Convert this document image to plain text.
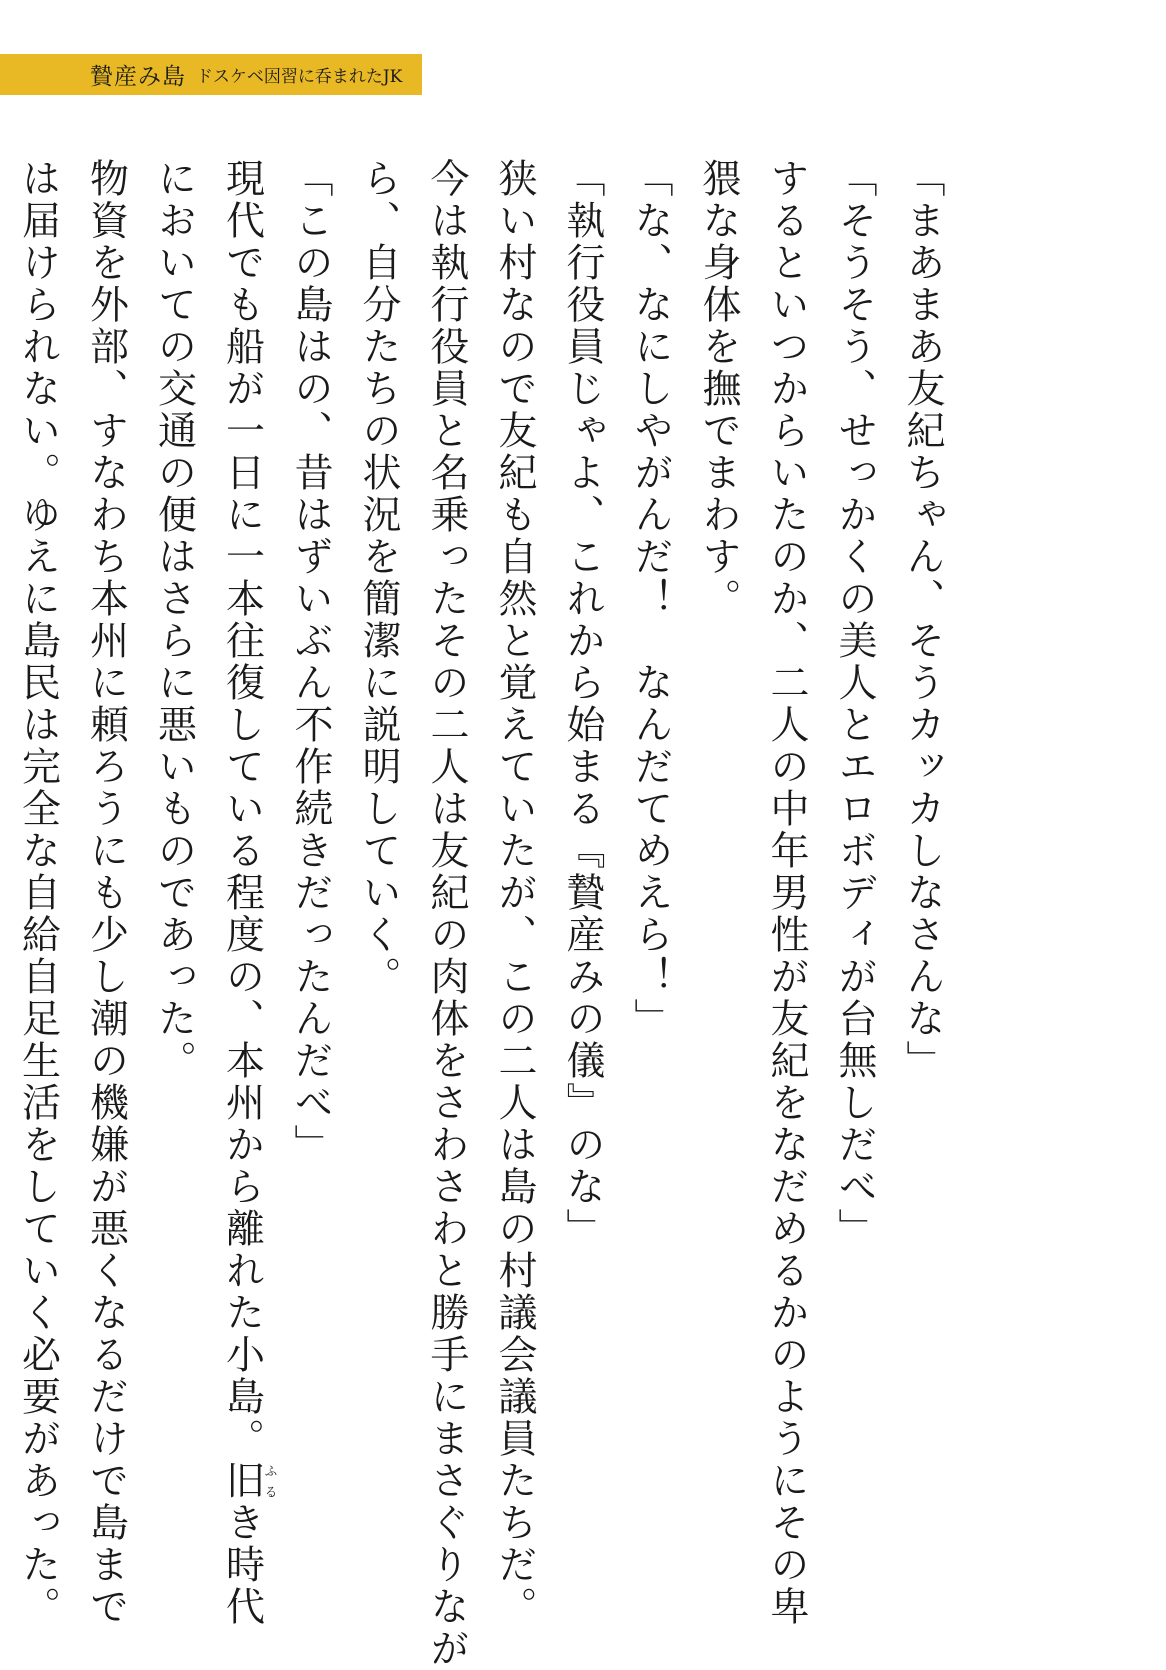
贄産み島 ドスケベ因習に呑まれたJK
「まあまあ友紀ちゃん、そうカッカしなさんな」
「そうそう、せっかくの美人とエロボディが台無しだべ」
するといつからいたのか、二人の中年男性が友紀をなだめるかのようにその卑
猥な身体を撫でまわす。
「な、なにしやがんだ！　なんだてめえら！」
「執行役員じゃよ、これから始まる『贄産みの儀』のな」
狭い村なので友紀も自然と覚えていたが、この二人は島の村議会議員たちだ。
今は執行役員と名乗ったその二人は友紀の肉体をさわさわと勝手にまさぐりなが
ら、自分たちの状況を簡潔に説明していく。
「この島はの、昔はずいぶん不作続きだったんだべ」
現代でも船が一日に一本往復している程度の、本州から離れた小島。旧ふるき時代
においての交通の便はさらに悪いものであった。
物資を外部、すなわち本州に頼ろうにも少し潮の機嫌が悪くなるだけで島まで
は届けられない。ゆえに島民は完全な自給自足生活をしていく必要があった。
